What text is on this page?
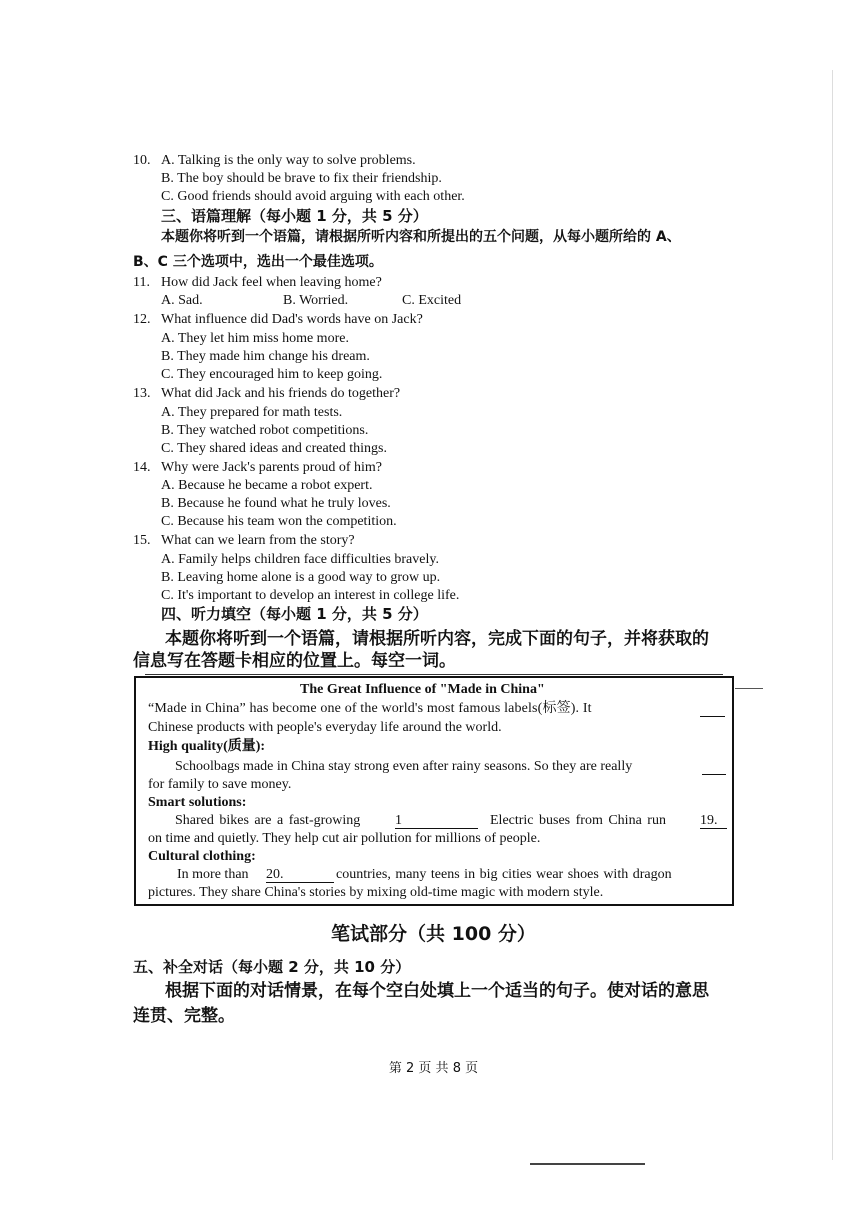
10. A. Talking is the only way to solve problems.
B. The boy should be brave to fix their friendship.
C. Good friends should avoid arguing with each other.
三、语篇理解（每小题 1 分，共 5 分）
本题你将听到一个语篇，请根据所听内容和所提出的五个问题，从每小题所给的 A、
B、C 三个选项中，选出一个最佳选项。
11. How did Jack feel when leaving home?
A. Sad.	B. Worried.	C. Excited
12. What influence did Dad's words have on Jack?
A. They let him miss home more.
B. They made him change his dream.
C. They encouraged him to keep going.
13. What did Jack and his friends do together?
A. They prepared for math tests.
B. They watched robot competitions.
C. They shared ideas and created things.
14. Why were Jack's parents proud of him?
A. Because he became a robot expert.
B. Because he found what he truly loves.
C. Because his team won the competition.
15. What can we learn from the story?
A. Family helps children face difficulties bravely.
B. Leaving home alone is a good way to grow up.
C. It's important to develop an interest in college life.
四、听力填空（每小题 1 分，共 5 分）
本题你将听到一个语篇，请根据所听内容，完成下面的句子，并将获取的
信息写在答题卡相应的位置上。每空一词。
The Great Influence of "Made in China"
“Made in China” has become one of the world's most famous labels(标签). It
Chinese products with people's everyday life around the world.
High quality(质量):
Schoolbags made in China stay strong even after rainy seasons. So they are really
for family to save money.
Smart solutions:
Shared bikes are a fast-growing 1	Electric buses from China run 19.
on time and quietly. They help cut air pollution for millions of people.
Cultural clothing:
In more than 20.	countries, many teens in big cities wear shoes with dragon
pictures. They share China's stories by mixing old-time magic with modern style.
笔试部分（共 100 分）
五、补全对话（每小题 2 分，共 10 分）
根据下面的对话情景，在每个空白处填上一个适当的句子。使对话的意思
连贯、完整。
第 2 页 共 8 页
